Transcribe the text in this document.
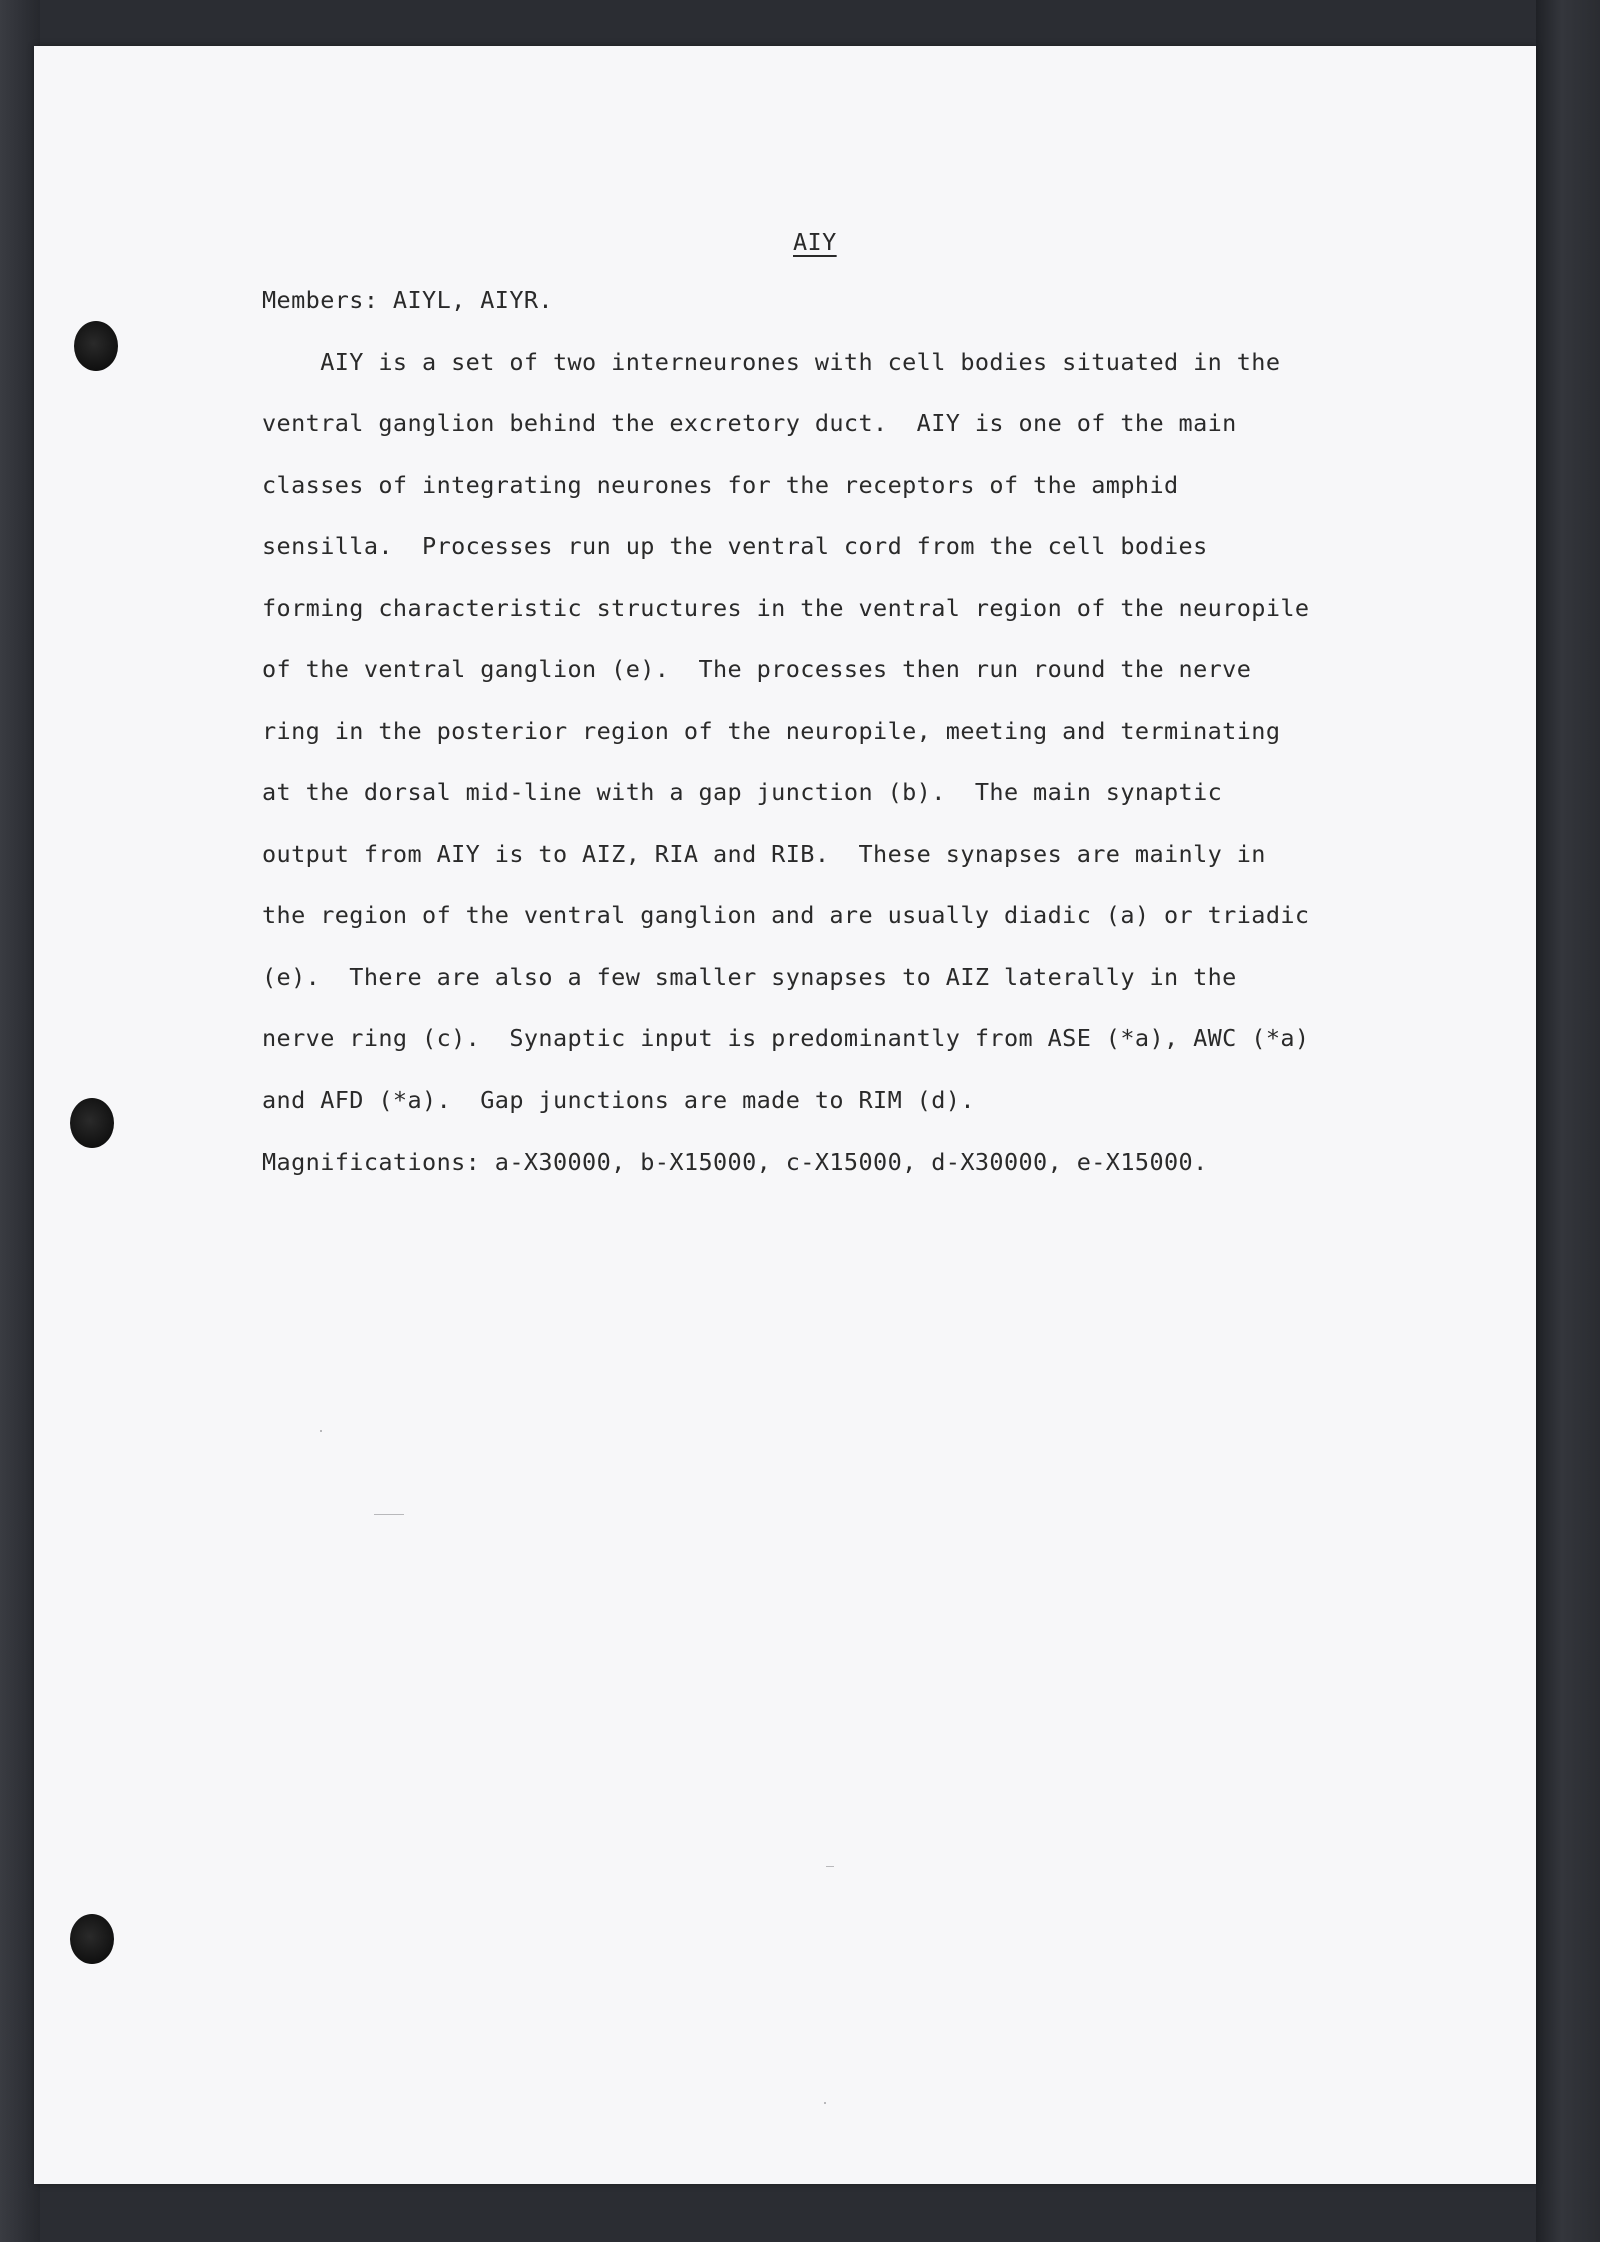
AIY
Members: AIYL, AIYR.
AIY is a set of two interneurones with cell bodies situated in the
ventral ganglion behind the excretory duct.  AIY is one of the main
classes of integrating neurones for the receptors of the amphid
sensilla.  Processes run up the ventral cord from the cell bodies
forming characteristic structures in the ventral region of the neuropile
of the ventral ganglion (e).  The processes then run round the nerve
ring in the posterior region of the neuropile, meeting and terminating
at the dorsal mid-line with a gap junction (b).  The main synaptic
output from AIY is to AIZ, RIA and RIB.  These synapses are mainly in
the region of the ventral ganglion and are usually diadic (a) or triadic
(e).  There are also a few smaller synapses to AIZ laterally in the
nerve ring (c).  Synaptic input is predominantly from ASE (*a), AWC (*a)
and AFD (*a).  Gap junctions are made to RIM (d).
Magnifications: a-X30000, b-X15000, c-X15000, d-X30000, e-X15000.
